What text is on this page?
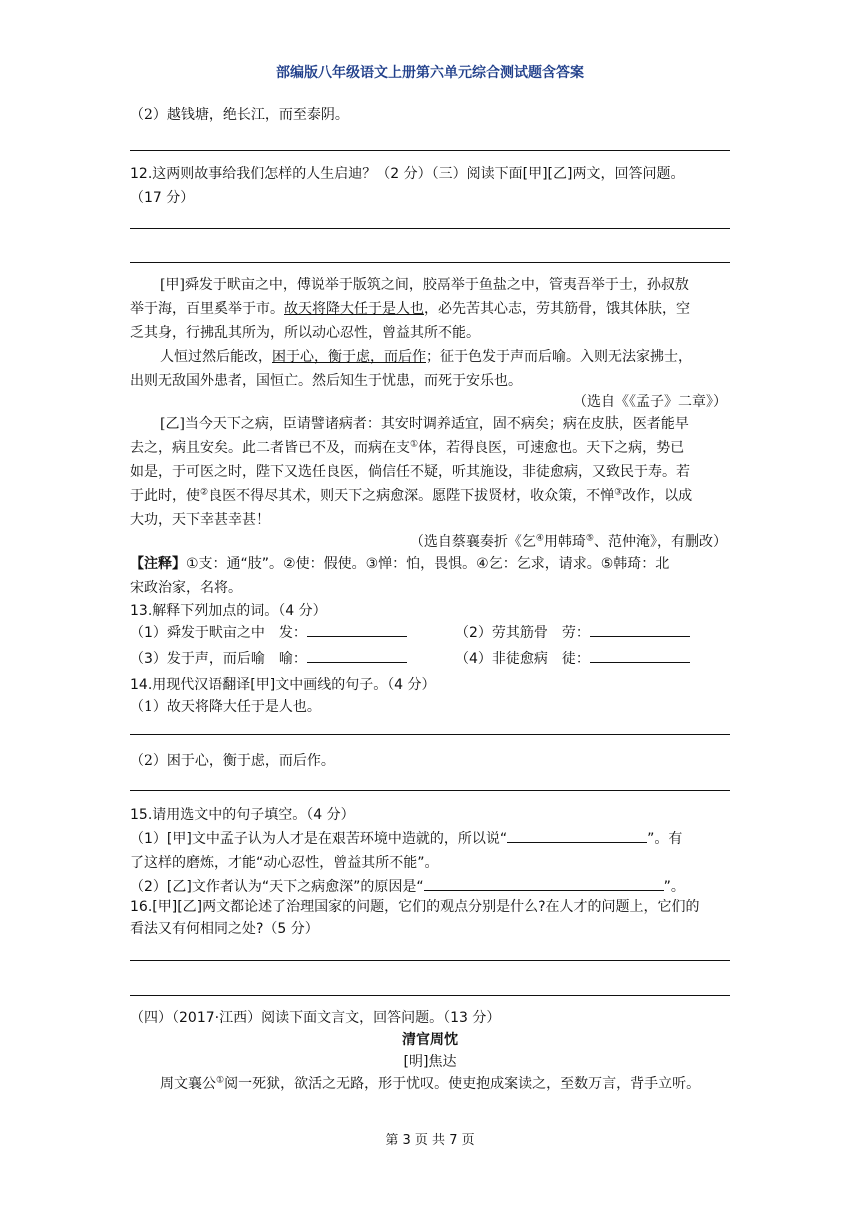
部编版八年级语文上册第六单元综合测试题含答案
（2）越钱塘，绝长江，而至泰阴。
12.这两则故事给我们怎样的人生启迪？（2 分）（三）阅读下面[甲][乙]两文，回答问题。
（17 分）
[甲]舜发于畎亩之中，傅说举于版筑之间，胶鬲举于鱼盐之中，管夷吾举于士，孙叔敖
举于海，百里奚举于市。故天将降大任于是人也，必先苦其心志，劳其筋骨，饿其体肤，空
乏其身，行拂乱其所为，所以动心忍性，曾益其所不能。
人恒过然后能改，困于心，衡于虑，而后作；征于色发于声而后喻。入则无法家拂士，
出则无敌国外患者，国恒亡。然后知生于忧患，而死于安乐也。
（选自《《孟子》二章》）
[乙]当今天下之病，臣请譬诸病者：其安时调养适宜，固不病矣；病在皮肤，医者能早
去之，病且安矣。此二者皆已不及，而病在支①体，若得良医，可速愈也。天下之病，势已
如是，于可医之时，陛下又选任良医，倘信任不疑，听其施设，非徒愈病，又致民于寿。若
于此时，使②良医不得尽其术，则天下之病愈深。愿陛下拔贤材，收众策，不惮③改作，以成
大功，天下幸甚幸甚！
（选自蔡襄奏折《乞④用韩琦⑤、范仲淹》，有删改）
【注释】①支：通“肢”。②使：假使。③惮：怕，畏惧。④乞：乞求，请求。⑤韩琦：北
宋政治家，名将。
13.解释下列加点的词。（4 分）
（1）舜发于畎亩之中　发：	（2）劳其筋骨　劳：
（3）发于声，而后喻　喻：	（4）非徒愈病　徒：
14.用现代汉语翻译[甲]文中画线的句子。（4 分）
（1）故天将降大任于是人也。
（2）困于心，衡于虑，而后作。
15.请用选文中的句子填空。（4 分）
（1）[甲]文中孟子认为人才是在艰苦环境中造就的，所以说“	”。有
了这样的磨炼，才能“动心忍性，曾益其所不能”。
（2）[乙]文作者认为“天下之病愈深”的原因是“	”。
16.[甲][乙]两文都论述了治理国家的问题，它们的观点分别是什么?在人才的问题上，它们的
看法又有何相同之处?（5 分）
（四）（2017·江西）阅读下面文言文，回答问题。（13 分）
清官周忱
[明]焦达
周文襄公①阅一死狱，欲活之无路，形于忧叹。使吏抱成案读之，至数万言，背手立听。
第 3 页 共 7 页
